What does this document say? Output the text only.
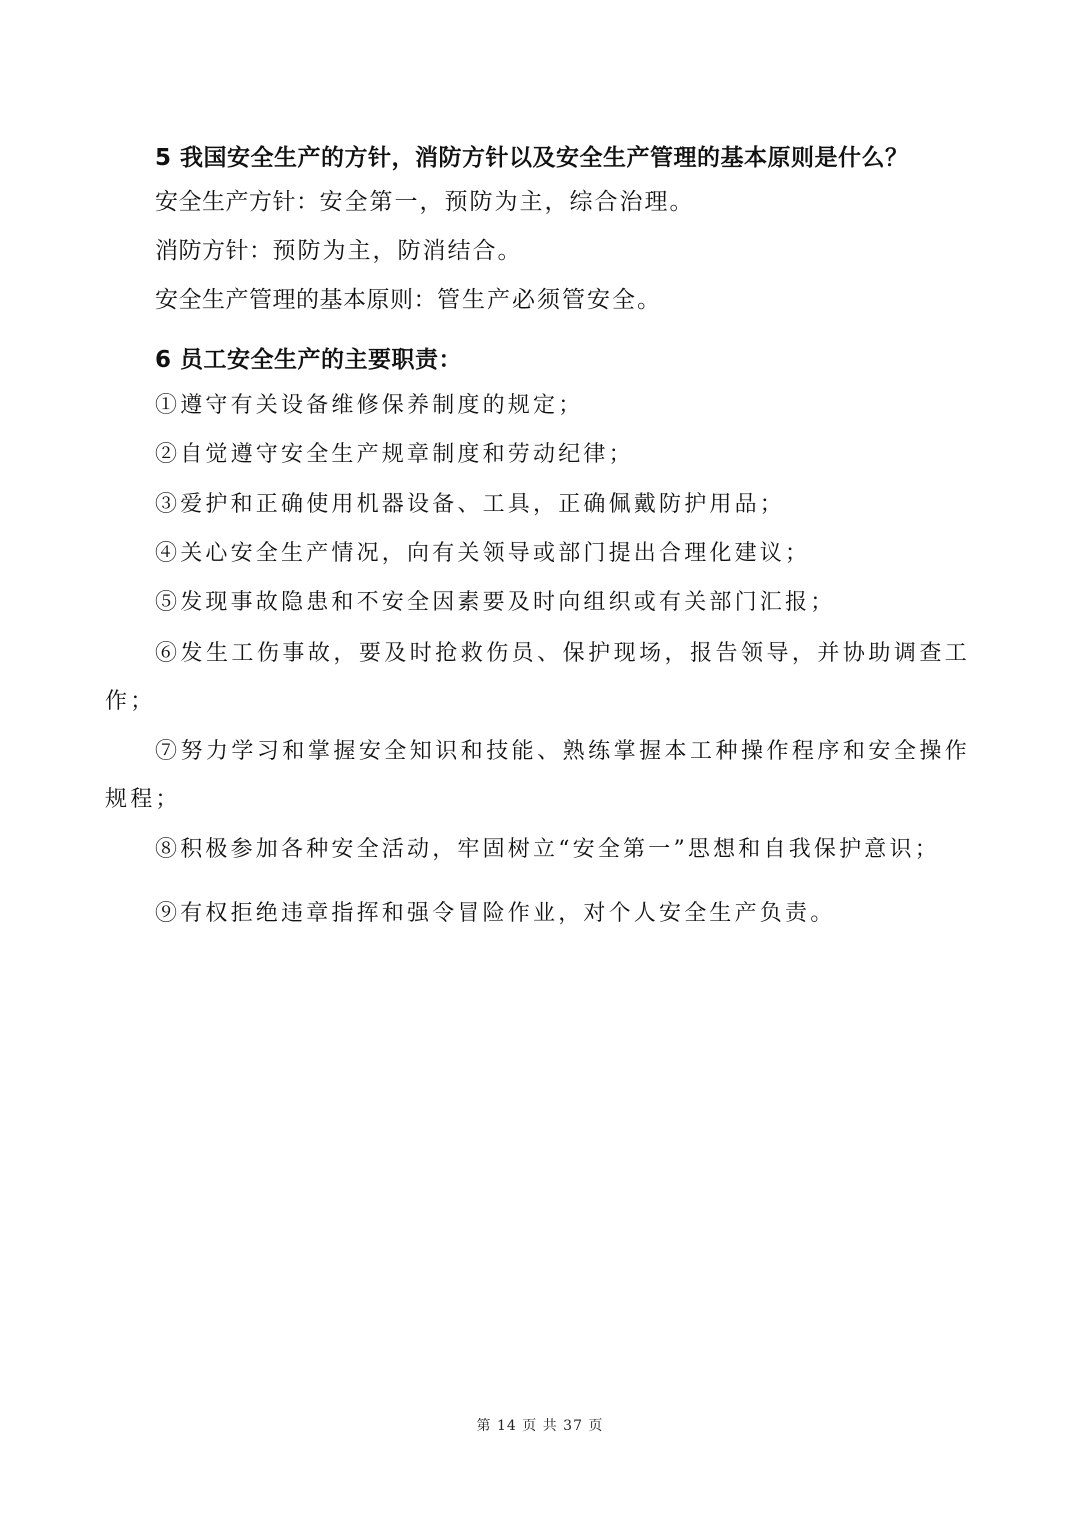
5 我国安全生产的方针，消防方针以及安全生产管理的基本原则是什么？
安全生产方针：安全第一，预防为主，综合治理。
消防方针：预防为主，防消结合。
安全生产管理的基本原则：管生产必须管安全。
6 员工安全生产的主要职责：
①遵守有关设备维修保养制度的规定；
②自觉遵守安全生产规章制度和劳动纪律；
③爱护和正确使用机器设备、工具，正确佩戴防护用品；
④关心安全生产情况，向有关领导或部门提出合理化建议；
⑤发现事故隐患和不安全因素要及时向组织或有关部门汇报；
⑥发生工伤事故，要及时抢救伤员、保护现场，报告领导，并协助调查工作；
⑦努力学习和掌握安全知识和技能、熟练掌握本工种操作程序和安全操作规程；
⑧积极参加各种安全活动，牢固树立“安全第一”思想和自我保护意识；
⑨有权拒绝违章指挥和强令冒险作业，对个人安全生产负责。
第 14 页 共 37 页
